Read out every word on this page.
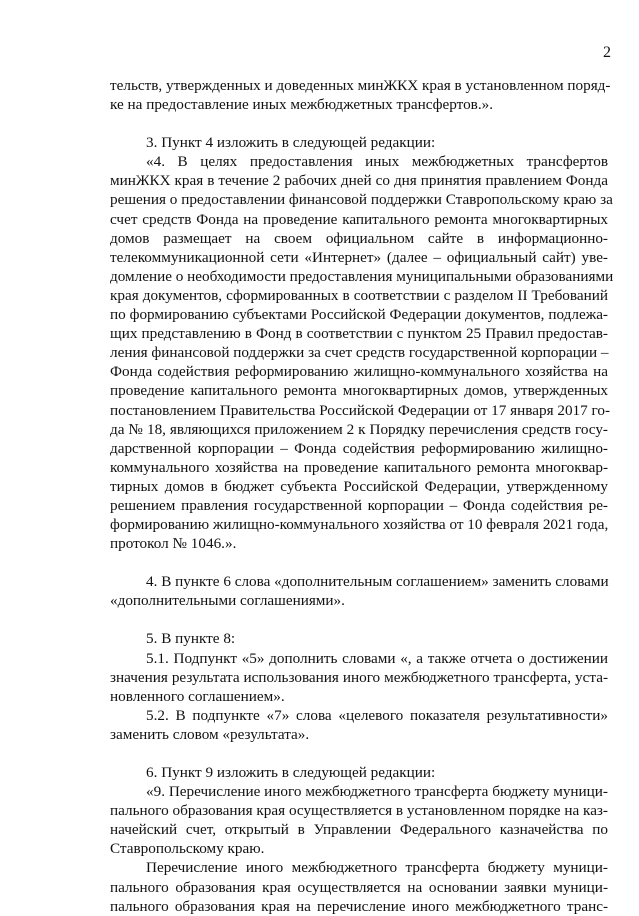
2

тельств, утвержденных и доведенных минЖКХ края в установленном поряд-
ке на предоставление иных межбюджетных трансфертов.».

3. Пункт 4 изложить в следующей редакции:

«4. В целях предоставления иных межбюджетных трансфертов
минЖКХ края в течение 2 рабочих дней со дня принятия правлением Фонда
решения о предоставлении финансовой поддержки Ставропольскому краю за
счет средств Фонда на проведение капитального ремонта многоквартирных
домов размещает на своем официальном сайте в информационно-
телекоммуникационной сети «Интернет» (далее – официальный сайт) уве-
домление о необходимости предоставления муниципальными образованиями
края документов, сформированных в соответствии с разделом II Требований
по формированию субъектами Российской Федерации документов, подлежа-
щих представлению в Фонд в соответствии с пунктом 25 Правил предостав-
ления финансовой поддержки за счет средств государственной корпорации –
Фонда содействия реформированию жилищно-коммунального хозяйства на
проведение капитального ремонта многоквартирных домов, утвержденных
постановлением Правительства Российской Федерации от 17 января 2017 го-
да № 18, являющихся приложением 2 к Порядку перечисления средств госу-
дарственной корпорации – Фонда содействия реформированию жилищно-
коммунального хозяйства на проведение капитального ремонта многоквар-
тирных домов в бюджет субъекта Российской Федерации, утвержденному
решением правления государственной корпорации – Фонда содействия ре-
формированию жилищно-коммунального хозяйства от 10 февраля 2021 года,
протокол № 1046.».

4. В пункте 6 слова «дополнительным соглашением» заменить словами
«дополнительными соглашениями».

5. В пункте 8:

5.1. Подпункт «5» дополнить словами «, а также отчета о достижении
значения результата использования иного межбюджетного трансферта, уста-
новленного соглашением».

5.2. В подпункте «7» слова «целевого показателя результативности»
заменить словом «результата».

6. Пункт 9 изложить в следующей редакции:

«9. Перечисление иного межбюджетного трансферта бюджету муници-
пального образования края осуществляется в установленном порядке на каз-
начейский счет, открытый в Управлении Федерального казначейства по
Ставропольскому краю.

Перечисление иного межбюджетного трансферта бюджету муници-
пального образования края осуществляется на основании заявки муници-
пального образования края на перечисление иного межбюджетного транс-
